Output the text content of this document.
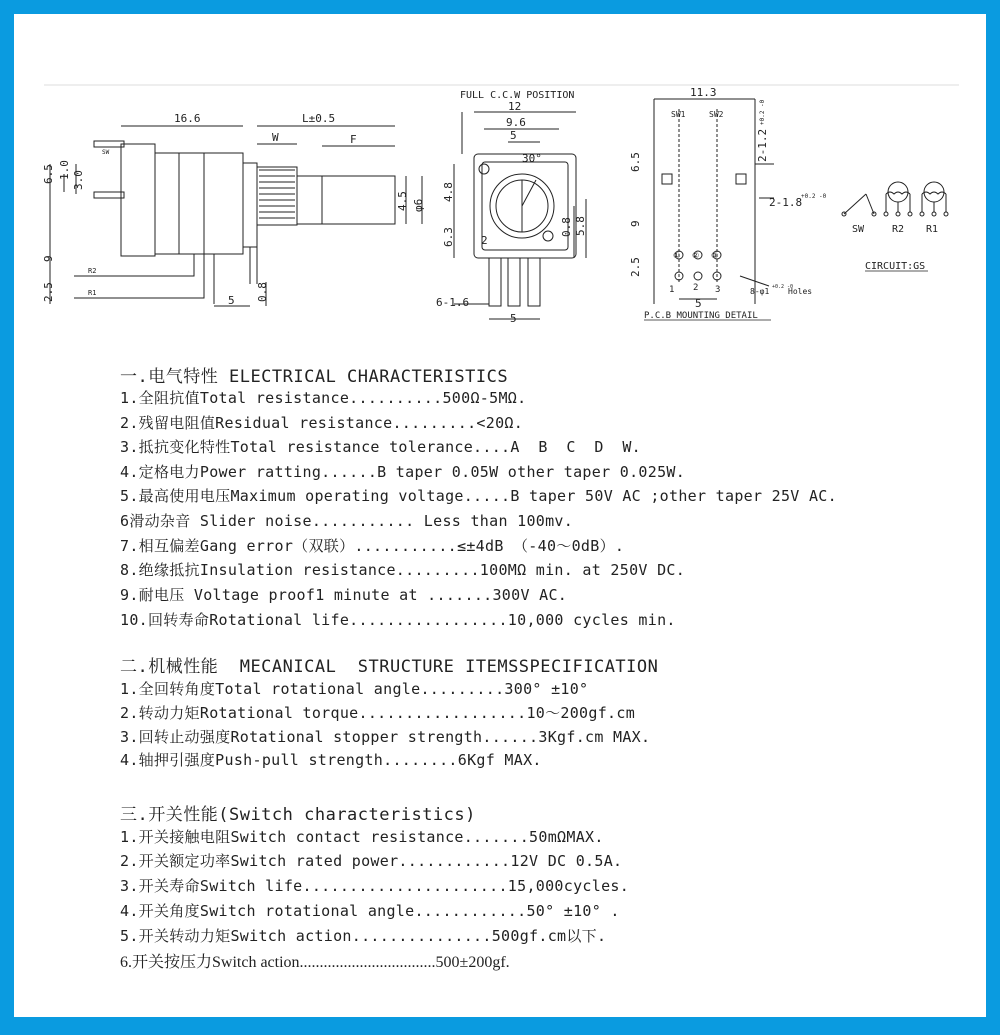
16.6	L±0.5
W	F
6.5 1.0
3.0
9
2.5
4.5 φ6
0.8
5
SW
R2
R1
FULL C.C.W POSITION
12
9.6
5
30°
4.8
6.3 2
0.8 5.8
6-1.6
5
11.3
SW1	SW2
6.5
9
2.5
2-1.2
+0.2 -0
2-1.8
+0.2 -0
① ② ③
1 2 3
5
8-φ1 +0.2 -0
Holes
P.C.B MOUNTING DETAIL
SW	R2 R1
CIRCUIT:GS
一.电气特性 ELECTRICAL CHARACTERISTICS
1.全阻抗值Total resistance..........500Ω-5MΩ.
2.残留电阻值Residual resistance.........<20Ω.
3.抵抗变化特性Total resistance tolerance....A  B  C  D  W.
4.定格电力Power ratting......B taper 0.05W other taper 0.025W.
5.最高使用电压Maximum operating voltage.....B taper 50V AC ;other taper 25V AC.
6滑动杂音 Slider noise........... Less than 100mv.
7.相互偏差Gang error（双联）...........≤±4dB （-40～0dB）.
8.绝缘抵抗Insulation resistance.........100MΩ min. at 250V DC.
9.耐电压 Voltage proof1 minute at .......300V AC.
10.回转寿命Rotational life.................10,000 cycles min.
二.机械性能  MECANICAL  STRUCTURE ITEMSSPECIFICATION
1.全回转角度Total rotational angle.........300° ±10°
2.转动力矩Rotational torque..................10～200gf.cm
3.回转止动强度Rotational stopper strength......3Kgf.cm MAX.
4.轴押引强度Push-pull strength........6Kgf MAX.
三.开关性能(Switch characteristics)
1.开关接触电阻Switch contact resistance.......50mΩMAX.
2.开关额定功率Switch rated power............12V DC 0.5A.
3.开关寿命Switch life......................15,000cycles.
4.开关角度Switch rotational angle............50° ±10° .
5.开关转动力矩Switch action...............500gf.cm以下.
6.开关按压力Switch action..................................500±200gf.
